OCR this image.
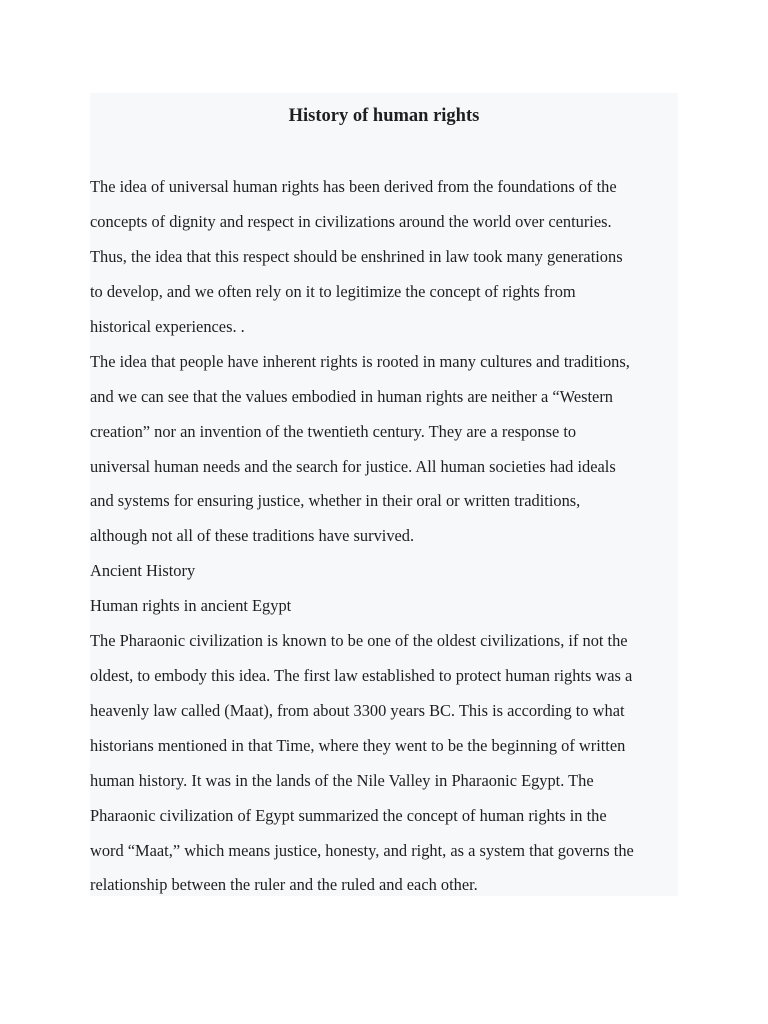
History of human rights

The idea of universal human rights has been derived from the foundations of the

concepts of dignity and respect in civilizations around the world over centuries.

Thus, the idea that this respect should be enshrined in law took many generations

to develop, and we often rely on it to legitimize the concept of rights from

historical experiences. .

The idea that people have inherent rights is rooted in many cultures and traditions,

and we can see that the values embodied in human rights are neither a “Western

creation” nor an invention of the twentieth century. They are a response to

universal human needs and the search for justice. All human societies had ideals

and systems for ensuring justice, whether in their oral or written traditions,

although not all of these traditions have survived.

Ancient History

Human rights in ancient Egypt

The Pharaonic civilization is known to be one of the oldest civilizations, if not the

oldest, to embody this idea. The first law established to protect human rights was a

heavenly law called (Maat), from about 3300 years BC. This is according to what

historians mentioned in that Time, where they went to be the beginning of written

human history. It was in the lands of the Nile Valley in Pharaonic Egypt. The

Pharaonic civilization of Egypt summarized the concept of human rights in the

word “Maat,” which means justice, honesty, and right, as a system that governs the

relationship between the ruler and the ruled and each other.
